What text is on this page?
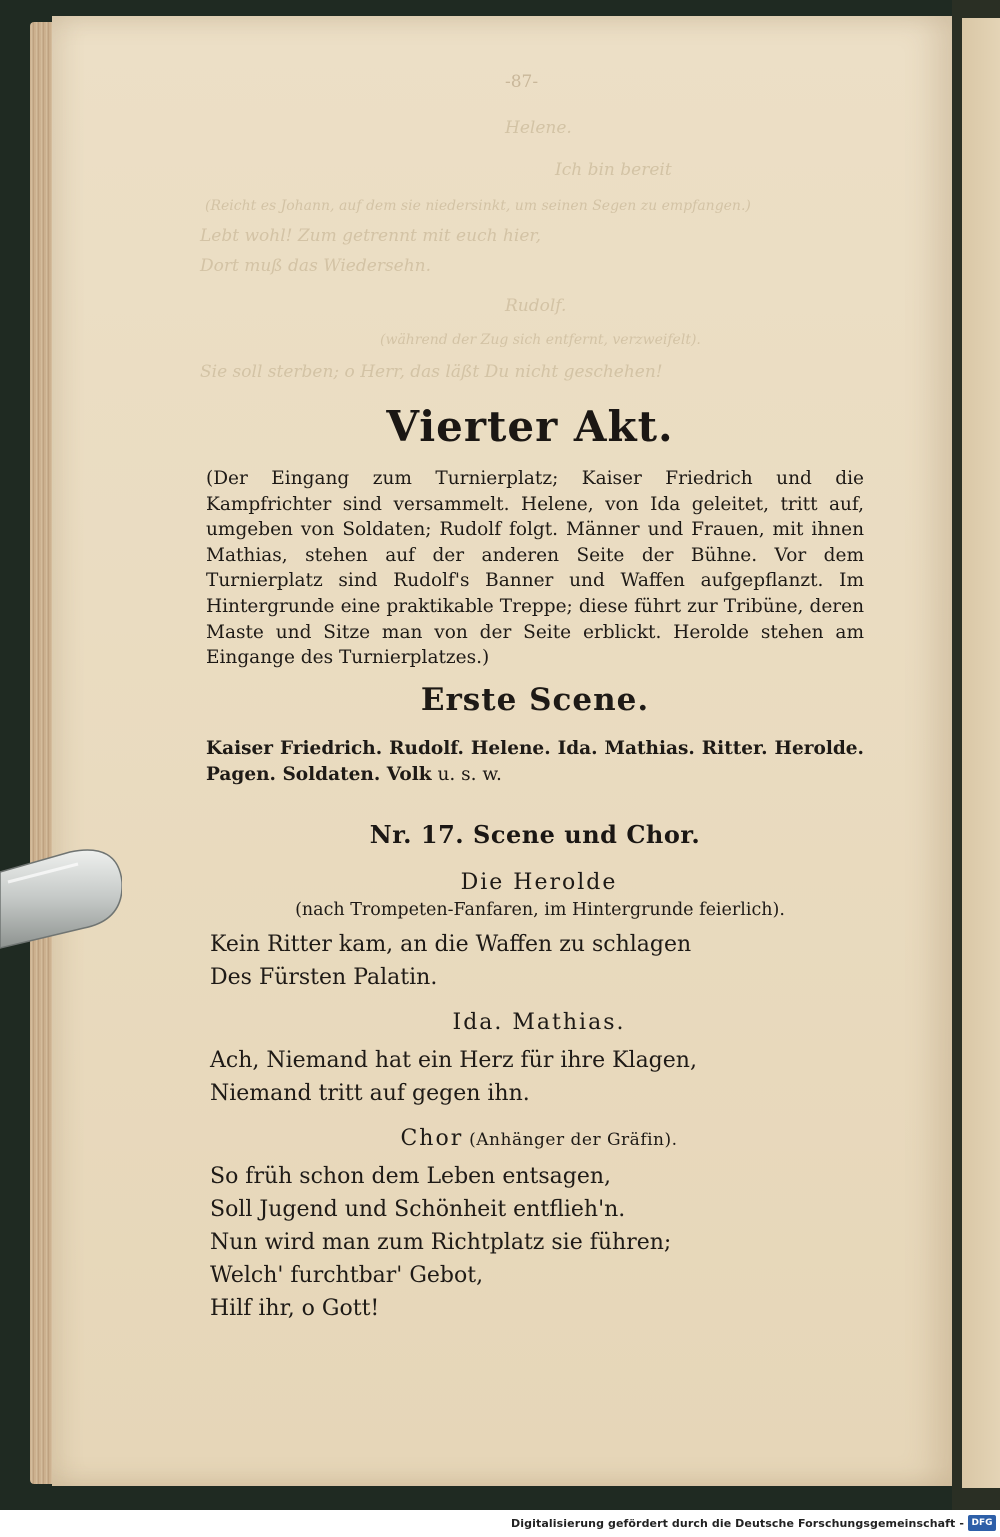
-87-
Helene.
Ich bin bereit
(Reicht es Johann, auf dem sie niedersinkt, um seinen Segen zu empfangen.)
Lebt wohl! Zum getrennt mit euch hier,
Dort muß das Wiedersehn.
Rudolf.
(während der Zug sich entfernt, verzweifelt).
Sie soll sterben; o Herr, das läßt Du nicht geschehen!
Vierter Akt.

(Der Eingang zum Turnierplatz; Kaiser Friedrich und die Kampfrichter sind versammelt. Helene, von Ida geleitet, tritt auf, umgeben von Soldaten; Rudolf folgt. Männer und Frauen, mit ihnen Mathias, stehen auf der anderen Seite der Bühne. Vor dem Turnierplatz sind Rudolf's Banner und Waffen aufgepflanzt. Im Hintergrunde eine praktikable Treppe; diese führt zur Tribüne, deren Maste und Sitze man von der Seite erblickt. Herolde stehen am Eingange des Turnierplatzes.)

Erste Scene.

Kaiser Friedrich. Rudolf. Helene. Ida. Mathias. Ritter. Herolde. Pagen. Soldaten. Volk u. s. w.

Nr. 17. Scene und Chor.
Die Herolde
(nach Trompeten-Fanfaren, im Hintergrunde feierlich).
Kein Ritter kam, an die Waffen zu schlagen
Des Fürsten Palatin.
Ida. Mathias.
Ach, Niemand hat ein Herz für ihre Klagen,
Niemand tritt auf gegen ihn.
Chor (Anhänger der Gräfin).
So früh schon dem Leben entsagen,
Soll Jugend und Schönheit entflieh'n.
Nun wird man zum Richtplatz sie führen;
Welch' furchtbar' Gebot,
Hilf ihr, o Gott!
Digitalisierung gefördert durch die Deutsche Forschungsgemeinschaft - DFG
